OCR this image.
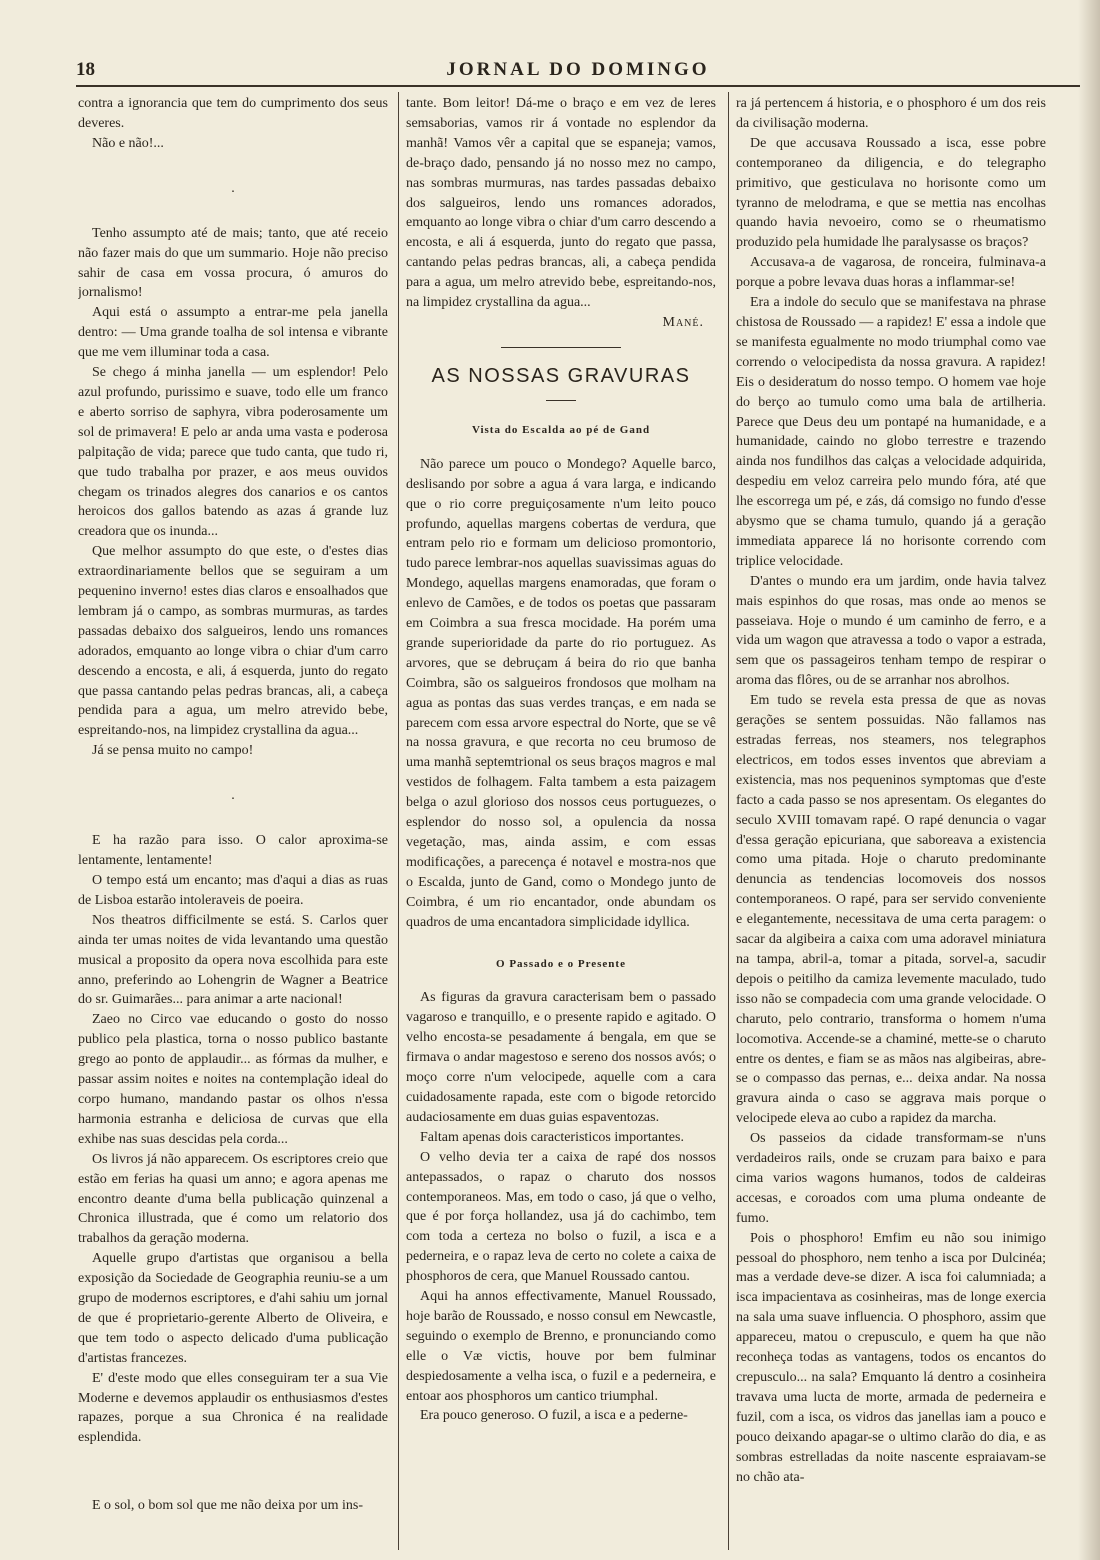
18	JORNAL DO DOMINGO

contra a ignorancia que tem do cumprimento dos seus deveres.

Não e não!...

.

Tenho assumpto até de mais; tanto, que até receio não fazer mais do que um summario. Hoje não preciso sahir de casa em vossa procura, ó amuros do jornalismo!

Aqui está o assumpto a entrar-me pela janella dentro: — Uma grande toalha de sol intensa e vibrante que me vem illuminar toda a casa.

Se chego á minha janella — um esplendor! Pelo azul profundo, purissimo e suave, todo elle um franco e aberto sorriso de saphyra, vibra poderosamente um sol de primavera! E pelo ar anda uma vasta e poderosa palpitação de vida; parece que tudo canta, que tudo ri, que tudo trabalha por prazer, e aos meus ouvidos chegam os trinados alegres dos canarios e os cantos heroicos dos gallos batendo as azas á grande luz creadora que os inunda...

Que melhor assumpto do que este, o d'estes dias extraordinariamente bellos que se seguiram a um pequenino inverno! estes dias claros e ensoalhados que lembram já o campo, as sombras murmuras, as tardes passadas debaixo dos salgueiros, lendo uns romances adorados, emquanto ao longe vibra o chiar d'um carro descendo a encosta, e ali, á esquerda, junto do regato que passa cantando pelas pedras brancas, ali, a cabeça pendida para a agua, um melro atrevido bebe, espreitando-nos, na limpidez crystallina da agua...

Já se pensa muito no campo!

.

E ha razão para isso. O calor aproxima-se lentamente, lentamente!

O tempo está um encanto; mas d'aqui a dias as ruas de Lisboa estarão intoleraveis de poeira.

Nos theatros difficilmente se está. S. Carlos quer ainda ter umas noites de vida levantando uma questão musical a proposito da opera nova escolhida para este anno, preferindo ao Lohengrin de Wagner a Beatrice do sr. Guimarães... para animar a arte nacional!

Zaeo no Circo vae educando o gosto do nosso publico pela plastica, torna o nosso publico bastante grego ao ponto de applaudir... as fórmas da mulher, e passar assim noites e noites na contemplação ideal do corpo humano, mandando pastar os olhos n'essa harmonia estranha e deliciosa de curvas que ella exhibe nas suas descidas pela corda...

Os livros já não apparecem. Os escriptores creio que estão em ferias ha quasi um anno; e agora apenas me encontro deante d'uma bella publicação quinzenal a Chronica illustrada, que é como um relatorio dos trabalhos da geração moderna.

Aquelle grupo d'artistas que organisou a bella exposição da Sociedade de Geographia reuniu-se a um grupo de modernos escriptores, e d'ahi sahiu um jornal de que é proprietario-gerente Alberto de Oliveira, e que tem todo o aspecto delicado d'uma publicação d'artistas francezes.

E' d'este modo que elles conseguiram ter a sua Vie Moderne e devemos applaudir os enthusiasmos d'estes rapazes, porque a sua Chronica é na realidade esplendida.

E o sol, o bom sol que me não deixa por um ins-

tante. Bom leitor! Dá-me o braço e em vez de leres semsaborias, vamos rir á vontade no esplendor da manhã! Vamos vêr a capital que se espaneja; vamos, de-braço dado, pensando já no nosso mez no campo, nas sombras murmuras, nas tardes passadas debaixo dos salgueiros, lendo uns romances adorados, emquanto ao longe vibra o chiar d'um carro descendo a encosta, e ali á esquerda, junto do regato que passa, cantando pelas pedras brancas, ali, a cabeça pendida para a agua, um melro atrevido bebe, espreitando-nos, na limpidez crystallina da agua...

Mané.
AS NOSSAS GRAVURAS
Vista do Escalda ao pé de Gand

Não parece um pouco o Mondego? Aquelle barco, deslisando por sobre a agua á vara larga, e indicando que o rio corre preguiçosamente n'um leito pouco profundo, aquellas margens cobertas de verdura, que entram pelo rio e formam um delicioso promontorio, tudo parece lembrar-nos aquellas suavissimas aguas do Mondego, aquellas margens enamoradas, que foram o enlevo de Camões, e de todos os poetas que passaram em Coimbra a sua fresca mocidade. Ha porém uma grande superioridade da parte do rio portuguez. As arvores, que se debruçam á beira do rio que banha Coimbra, são os salgueiros frondosos que molham na agua as pontas das suas verdes tranças, e em nada se parecem com essa arvore espectral do Norte, que se vê na nossa gravura, e que recorta no ceu brumoso de uma manhã septemtrional os seus braços magros e mal vestidos de folhagem. Falta tambem a esta paizagem belga o azul glorioso dos nossos ceus portuguezes, o esplendor do nosso sol, a opulencia da nossa vegetação, mas, ainda assim, e com essas modificações, a parecença é notavel e mostra-nos que o Escalda, junto de Gand, como o Mondego junto de Coimbra, é um rio encantador, onde abundam os quadros de uma encantadora simplicidade idyllica.

O Passado e o Presente

As figuras da gravura caracterisam bem o passado vagaroso e tranquillo, e o presente rapido e agitado. O velho encosta-se pesadamente á bengala, em que se firmava o andar magestoso e sereno dos nossos avós; o moço corre n'um velocipede, aquelle com a cara cuidadosamente rapada, este com o bigode retorcido audaciosamente em duas guias espaventozas.

Faltam apenas dois caracteristicos importantes.

O velho devia ter a caixa de rapé dos nossos antepassados, o rapaz o charuto dos nossos contemporaneos. Mas, em todo o caso, já que o velho, que é por força hollandez, usa já do cachimbo, tem com toda a certeza no bolso o fuzil, a isca e a pederneira, e o rapaz leva de certo no colete a caixa de phosphoros de cera, que Manuel Roussado cantou.

Aqui ha annos effectivamente, Manuel Roussado, hoje barão de Roussado, e nosso consul em Newcastle, seguindo o exemplo de Brenno, e pronunciando como elle o Væ victis, houve por bem fulminar despiedosamente a velha isca, o fuzil e a pederneira, e entoar aos phosphoros um cantico triumphal.

Era pouco generoso. O fuzil, a isca e a pederne-

ra já pertencem á historia, e o phosphoro é um dos reis da civilisação moderna.

De que accusava Roussado a isca, esse pobre contemporaneo da diligencia, e do telegrapho primitivo, que gesticulava no horisonte como um tyranno de melodrama, e que se mettia nas encolhas quando havia nevoeiro, como se o rheumatismo produzido pela humidade lhe paralysasse os braços?

Accusava-a de vagarosa, de ronceira, fulminava-a porque a pobre levava duas horas a inflammar-se!

Era a indole do seculo que se manifestava na phrase chistosa de Roussado — a rapidez! E' essa a indole que se manifesta egualmente no modo triumphal como vae correndo o velocipedista da nossa gravura. A rapidez! Eis o desideratum do nosso tempo. O homem vae hoje do berço ao tumulo como uma bala de artilheria. Parece que Deus deu um pontapé na humanidade, e a humanidade, caindo no globo terrestre e trazendo ainda nos fundilhos das calças a velocidade adquirida, despediu em veloz carreira pelo mundo fóra, até que lhe escorrega um pé, e zás, dá comsigo no fundo d'esse abysmo que se chama tumulo, quando já a geração immediata apparece lá no horisonte correndo com triplice velocidade.

D'antes o mundo era um jardim, onde havia talvez mais espinhos do que rosas, mas onde ao menos se passeiava. Hoje o mundo é um caminho de ferro, e a vida um wagon que atravessa a todo o vapor a estrada, sem que os passageiros tenham tempo de respirar o aroma das flôres, ou de se arranhar nos abrolhos.

Em tudo se revela esta pressa de que as novas gerações se sentem possuidas. Não fallamos nas estradas ferreas, nos steamers, nos telegraphos electricos, em todos esses inventos que abreviam a existencia, mas nos pequeninos symptomas que d'este facto a cada passo se nos apresentam. Os elegantes do seculo XVIII tomavam rapé. O rapé denuncia o vagar d'essa geração epicuriana, que saboreava a existencia como uma pitada. Hoje o charuto predominante denuncia as tendencias locomoveis dos nossos contemporaneos. O rapé, para ser servido conveniente e elegantemente, necessitava de uma certa paragem: o sacar da algibeira a caixa com uma adoravel miniatura na tampa, abril-a, tomar a pitada, sorvel-a, sacudir depois o peitilho da camiza levemente maculado, tudo isso não se compadecia com uma grande velocidade. O charuto, pelo contrario, transforma o homem n'uma locomotiva. Accende-se a chaminé, mette-se o charuto entre os dentes, e fiam se as mãos nas algibeiras, abre-se o compasso das pernas, e... deixa andar. Na nossa gravura ainda o caso se aggrava mais porque o velocipede eleva ao cubo a rapidez da marcha.

Os passeios da cidade transformam-se n'uns verdadeiros rails, onde se cruzam para baixo e para cima varios wagons humanos, todos de caldeiras accesas, e coroados com uma pluma ondeante de fumo.

Pois o phosphoro! Emfim eu não sou inimigo pessoal do phosphoro, nem tenho a isca por Dulcinéa; mas a verdade deve-se dizer. A isca foi calumniada; a isca impacientava as cosinheiras, mas de longe exercia na sala uma suave influencia. O phosphoro, assim que appareceu, matou o crepusculo, e quem ha que não reconheça todas as vantagens, todos os encantos do crepusculo... na sala? Emquanto lá dentro a cosinheira travava uma lucta de morte, armada de pederneira e fuzil, com a isca, os vidros das janellas iam a pouco e pouco deixando apagar-se o ultimo clarão do dia, e as sombras estrelladas da noite nascente espraiavam-se no chão ata-
